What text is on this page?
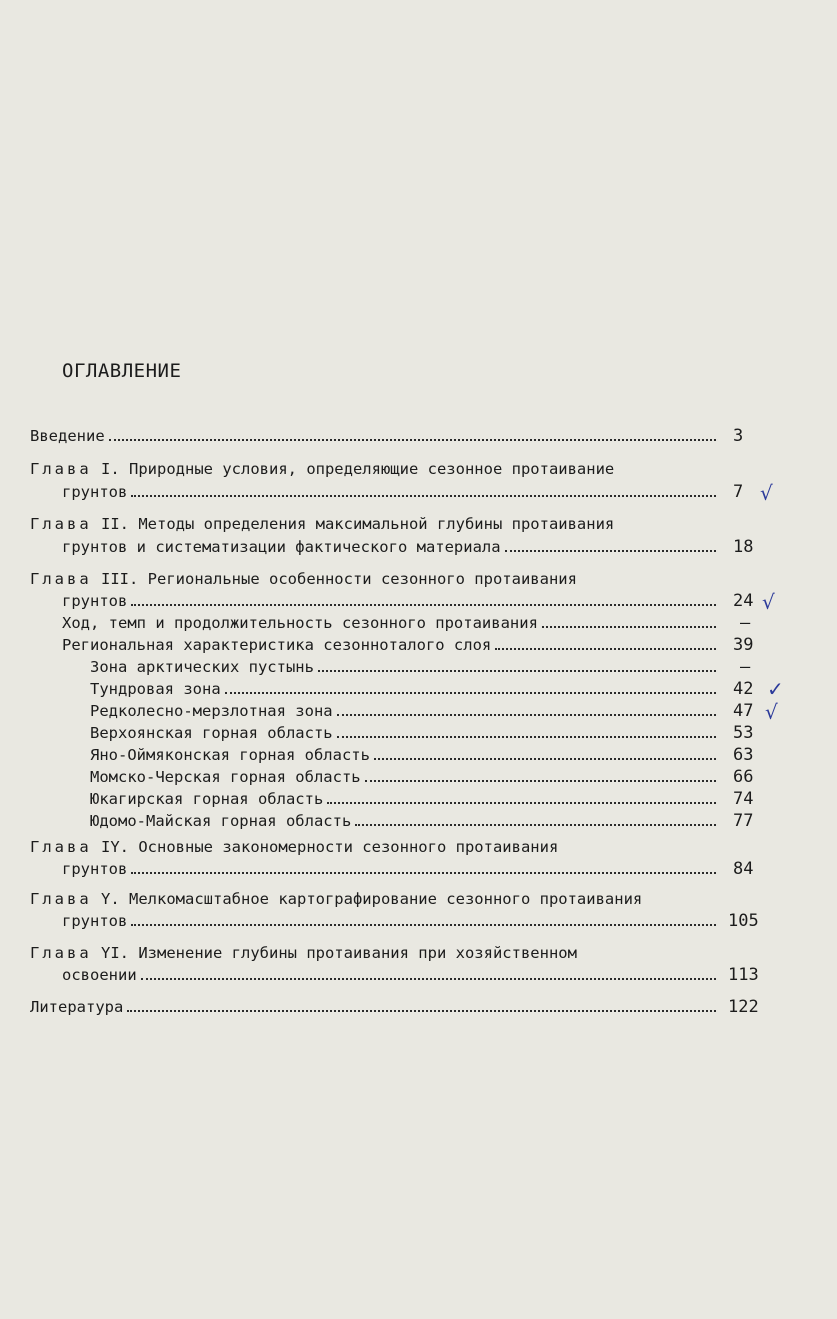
ОГЛАВЛЕНИЕ
Введение	3
Глава I. Природные условия, определяющие сезонное протаивание
грунтов	7 √
Глава II. Методы определения максимальной глубины протаивания
грунтов и систематизации фактического материала	18
Глава III. Региональные особенности сезонного протаивания
грунтов	24 √
Ход, темп и продолжительность сезонного протаивания	–
Региональная характеристика сезонноталого слоя	39
Зона арктических пустынь	–
Тундровая зона	42 ✓
Редколесно-мерзлотная зона	47 √
Верхоянская горная область	53
Яно-Оймяконская горная область	63
Момско-Черская горная область	66
Юкагирская горная область	74
Юдомо-Майская горная область	77
Глава IY. Основные закономерности сезонного протаивания
грунтов	84
Глава Y. Мелкомасштабное картографирование сезонного протаивания
грунтов	105
Глава YI. Изменение глубины протаивания при хозяйственном
освоении	113
Литература	122
